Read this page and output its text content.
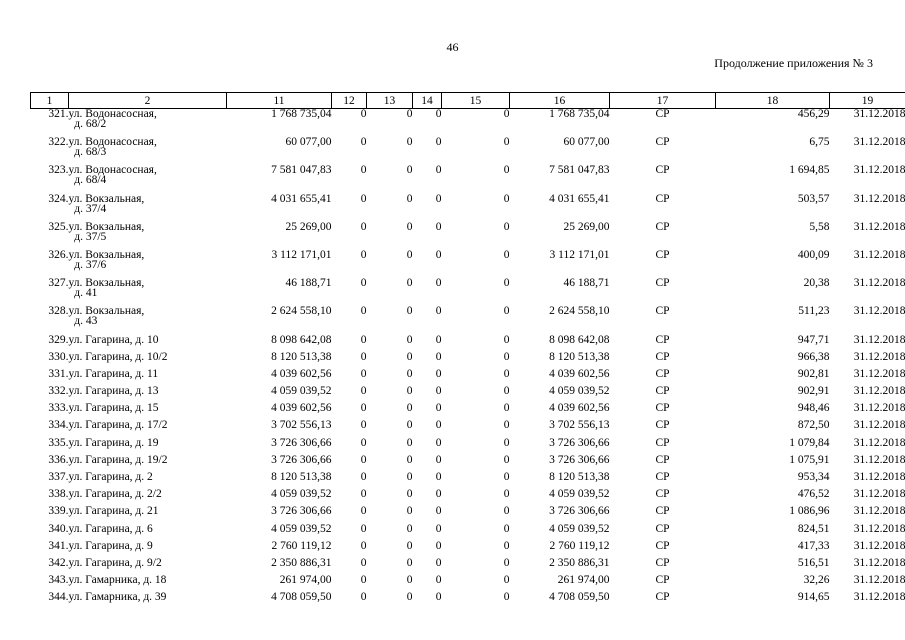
46
Продолжение приложения № 3
1	2	11	12	13	14	15	16	17	18	19
321.	ул. Водонасосная,
д. 68/2	1 768 735,04	0	0	0	0	1 768 735,04	СР	456,29	31.12.2018
322.	ул. Водонасосная,
д. 68/3	60 077,00	0	0	0	0	60 077,00	СР	6,75	31.12.2018
323.	ул. Водонасосная,
д. 68/4	7 581 047,83	0	0	0	0	7 581 047,83	СР	1 694,85	31.12.2018
324.	ул. Вокзальная,
д. 37/4	4 031 655,41	0	0	0	0	4 031 655,41	СР	503,57	31.12.2018
325.	ул. Вокзальная,
д. 37/5	25 269,00	0	0	0	0	25 269,00	СР	5,58	31.12.2018
326.	ул. Вокзальная,
д. 37/6	3 112 171,01	0	0	0	0	3 112 171,01	СР	400,09	31.12.2018
327.	ул. Вокзальная,
д. 41	46 188,71	0	0	0	0	46 188,71	СР	20,38	31.12.2018
328.	ул. Вокзальная,
д. 43	2 624 558,10	0	0	0	0	2 624 558,10	СР	511,23	31.12.2018
329.	ул. Гагарина, д. 10	8 098 642,08	0	0	0	0	8 098 642,08	СР	947,71	31.12.2018
330.	ул. Гагарина, д. 10/2	8 120 513,38	0	0	0	0	8 120 513,38	СР	966,38	31.12.2018
331.	ул. Гагарина, д. 11	4 039 602,56	0	0	0	0	4 039 602,56	СР	902,81	31.12.2018
332.	ул. Гагарина, д. 13	4 059 039,52	0	0	0	0	4 059 039,52	СР	902,91	31.12.2018
333.	ул. Гагарина, д. 15	4 039 602,56	0	0	0	0	4 039 602,56	СР	948,46	31.12.2018
334.	ул. Гагарина, д. 17/2	3 702 556,13	0	0	0	0	3 702 556,13	СР	872,50	31.12.2018
335.	ул. Гагарина, д. 19	3 726 306,66	0	0	0	0	3 726 306,66	СР	1 079,84	31.12.2018
336.	ул. Гагарина, д. 19/2	3 726 306,66	0	0	0	0	3 726 306,66	СР	1 075,91	31.12.2018
337.	ул. Гагарина, д. 2	8 120 513,38	0	0	0	0	8 120 513,38	СР	953,34	31.12.2018
338.	ул. Гагарина, д. 2/2	4 059 039,52	0	0	0	0	4 059 039,52	СР	476,52	31.12.2018
339.	ул. Гагарина, д. 21	3 726 306,66	0	0	0	0	3 726 306,66	СР	1 086,96	31.12.2018
340.	ул. Гагарина, д. 6	4 059 039,52	0	0	0	0	4 059 039,52	СР	824,51	31.12.2018
341.	ул. Гагарина, д. 9	2 760 119,12	0	0	0	0	2 760 119,12	СР	417,33	31.12.2018
342.	ул. Гагарина, д. 9/2	2 350 886,31	0	0	0	0	2 350 886,31	СР	516,51	31.12.2018
343.	ул. Гамарника, д. 18	261 974,00	0	0	0	0	261 974,00	СР	32,26	31.12.2018
344.	ул. Гамарника, д. 39	4 708 059,50	0	0	0	0	4 708 059,50	СР	914,65	31.12.2018
